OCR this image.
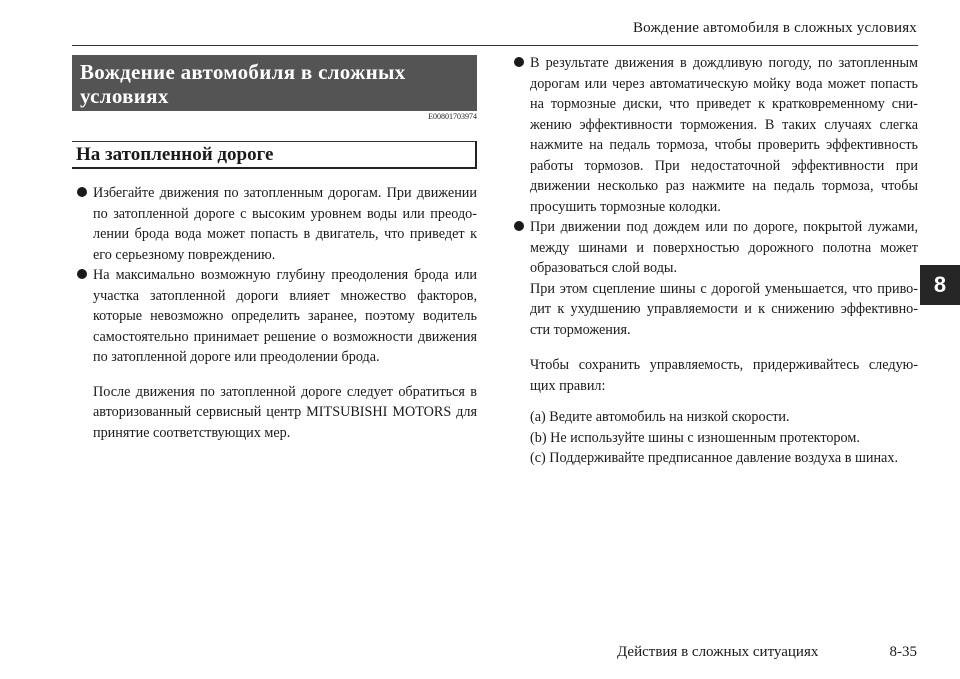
Вождение автомобиля в сложных условиях
8
Вождение автомобиля в сложных условиях
E00801703974
На затопленной дороге
Избегайте движения по затопленным дорогам. При движении по затопленной дороге с высоким уровнем воды или преодо-лении брода вода может попасть в двигатель, что приведет к его серьезному повреждению.
На максимально возможную глубину преодоления брода или участка затопленной дороги влияет множество факторов, которые невозможно определить заранее, поэтому водитель самостоятельно принимает решение о возможности движения по затопленной дороге или преодолении брода.

После движения по затопленной дороге следует обратиться в авторизованный сервисный центр MITSUBISHI MOTORS для принятие соответствующих мер.

В результате движения в дождливую погоду, по затопленным дорогам или через автоматическую мойку вода может попасть на тормозные диски, что приведет к кратковременному сни-жению эффективности торможения. В таких случаях слегка нажмите на педаль тормоза, чтобы проверить эффективность работы тормозов. При недостаточной эффективности при движении несколько раз нажмите на педаль тормоза, чтобы просушить тормозные колодки.
При движении под дождем или по дороге, покрытой лужами, между шинами и поверхностью дорожного полотна может образоваться слой воды.

При этом сцепление шины с дорогой уменьшается, что приво-дит к ухудшению управляемости и к снижению эффективно-сти торможения.

Чтобы сохранить управляемость, придерживайтесь следую-щих правил:

(a) Ведите автомобиль на низкой скорости.

(b) Не используйте шины с изношенным протектором.

(c) Поддерживайте предписанное давление воздуха в шинах.

Действия в сложных ситуациях	8-35
